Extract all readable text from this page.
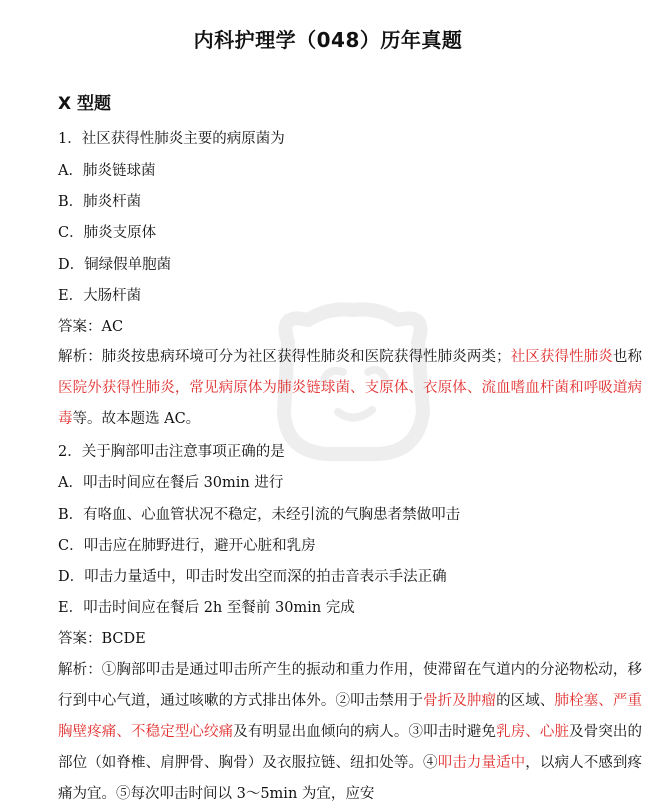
内科护理学（048）历年真题
X 型题
1．社区获得性肺炎主要的病原菌为
A．肺炎链球菌
B．肺炎杆菌
C．肺炎支原体
D．铜绿假单胞菌
E．大肠杆菌
答案：AC
解析：肺炎按患病环境可分为社区获得性肺炎和医院获得性肺炎两类；社区获得性肺炎也称医院外获得性肺炎，常见病原体为肺炎链球菌、支原体、衣原体、流血嗜血杆菌和呼吸道病毒等。故本题选 AC。
2．关于胸部叩击注意事项正确的是
A．叩击时间应在餐后 30min 进行
B．有咯血、心血管状况不稳定，未经引流的气胸患者禁做叩击
C．叩击应在肺野进行，避开心脏和乳房
D．叩击力量适中，叩击时发出空而深的拍击音表示手法正确
E．叩击时间应在餐后 2h 至餐前 30min 完成
答案：BCDE
解析：①胸部叩击是通过叩击所产生的振动和重力作用，使滞留在气道内的分泌物松动，移行到中心气道，通过咳嗽的方式排出体外。②叩击禁用于骨折及肿瘤的区域、肺栓塞、严重胸壁疼痛、不稳定型心绞痛及有明显出血倾向的病人。③叩击时避免乳房、心脏及骨突出的部位（如脊椎、肩胛骨、胸骨）及衣服拉链、纽扣处等。④叩击力量适中，以病人不感到疼痛为宜。⑤每次叩击时间以 3～5min 为宜，应安
